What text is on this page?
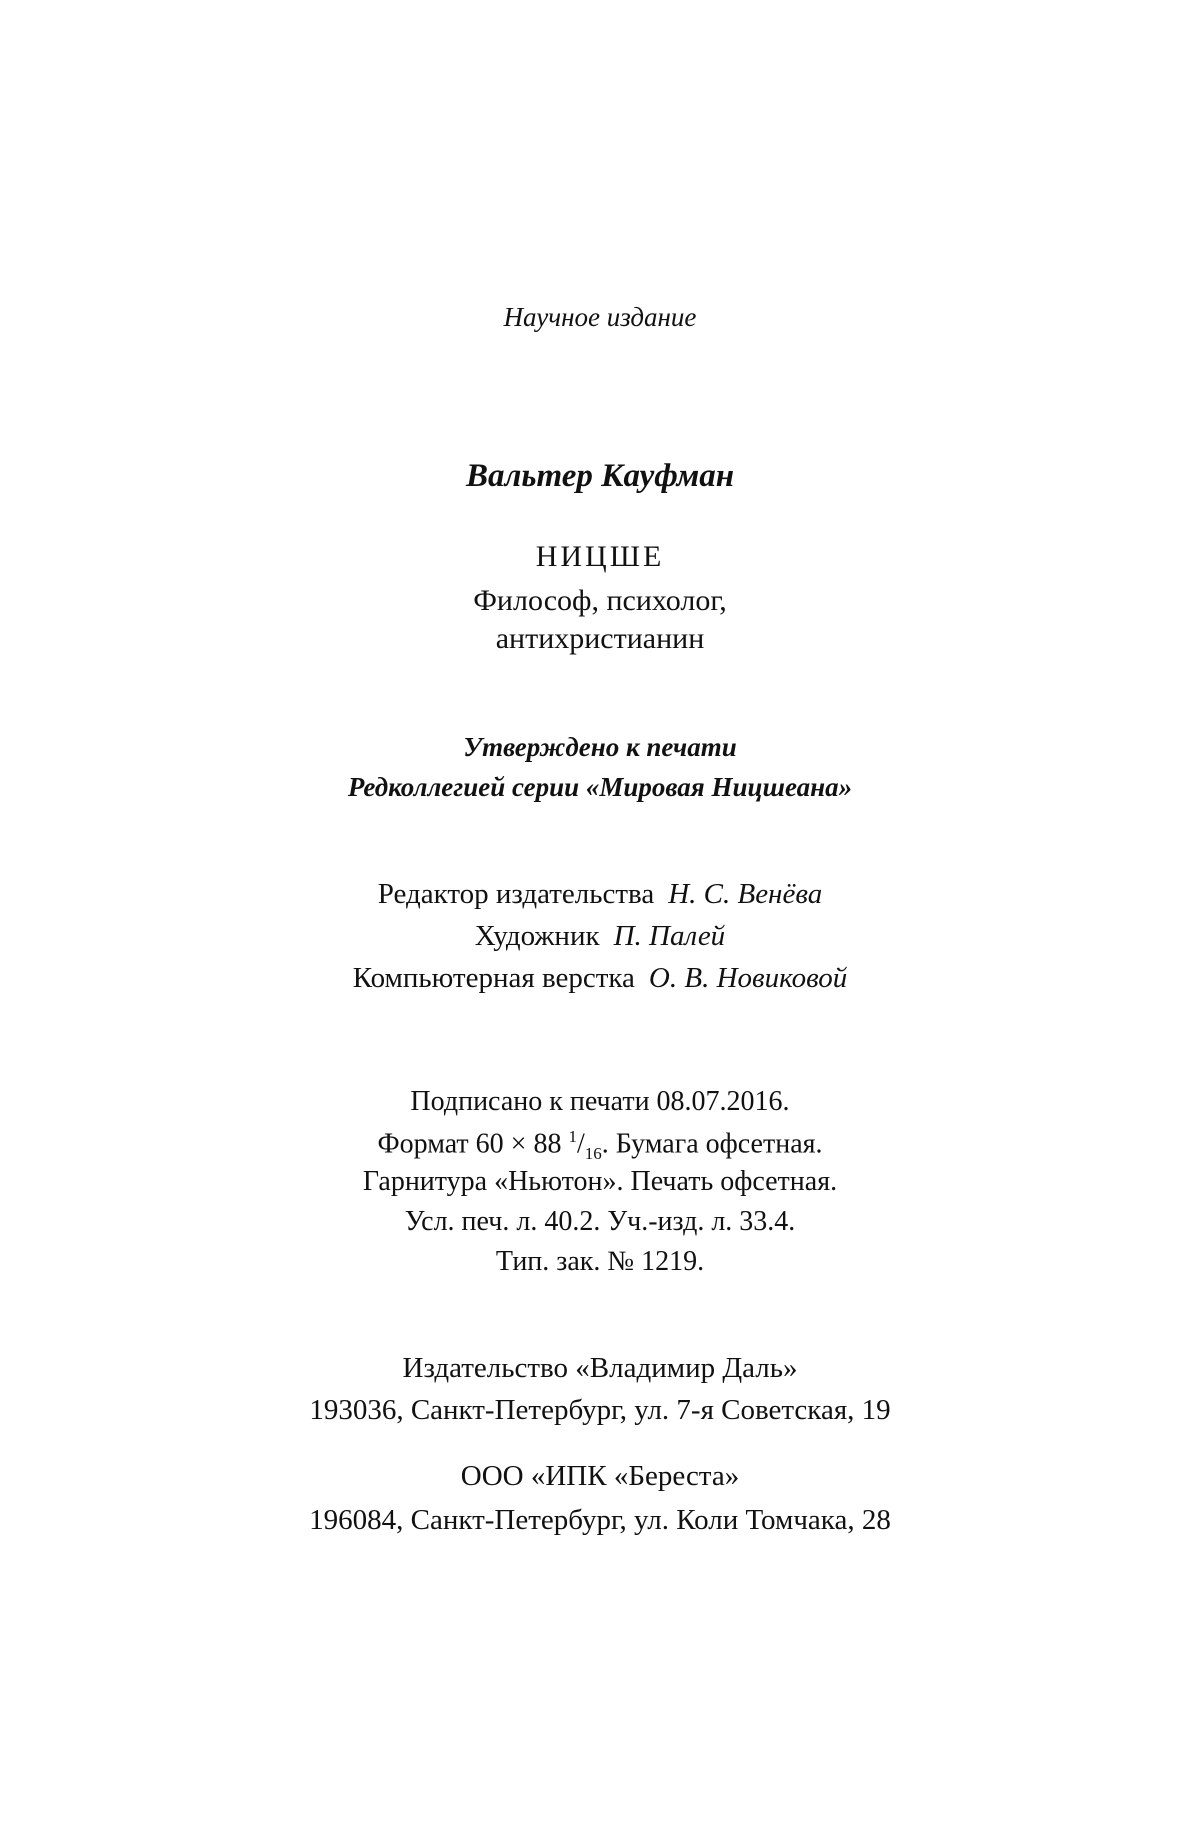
Научное издание
Вальтер Кауфман
НИЦШЕ
Философ, психолог,
антихристианин
Утверждено к печати
Редколлегией серии «Мировая Ницшеана»
Редактор издательства Н. С. Венёва
Художник П. Палей
Компьютерная верстка О. В. Новиковой
Подписано к печати 08.07.2016.
Формат 60 × 88 $^1/_{16}$. Бумага офсетная.
Гарнитура «Ньютон». Печать офсетная.
Усл. печ. л. 40.2. Уч.-изд. л. 33.4.
Тип. зак. № 1219.
Издательство «Владимир Даль»
193036, Санкт-Петербург, ул. 7-я Советская, 19
ООО «ИПК «Береста»
196084, Санкт-Петербург, ул. Коли Томчака, 28
